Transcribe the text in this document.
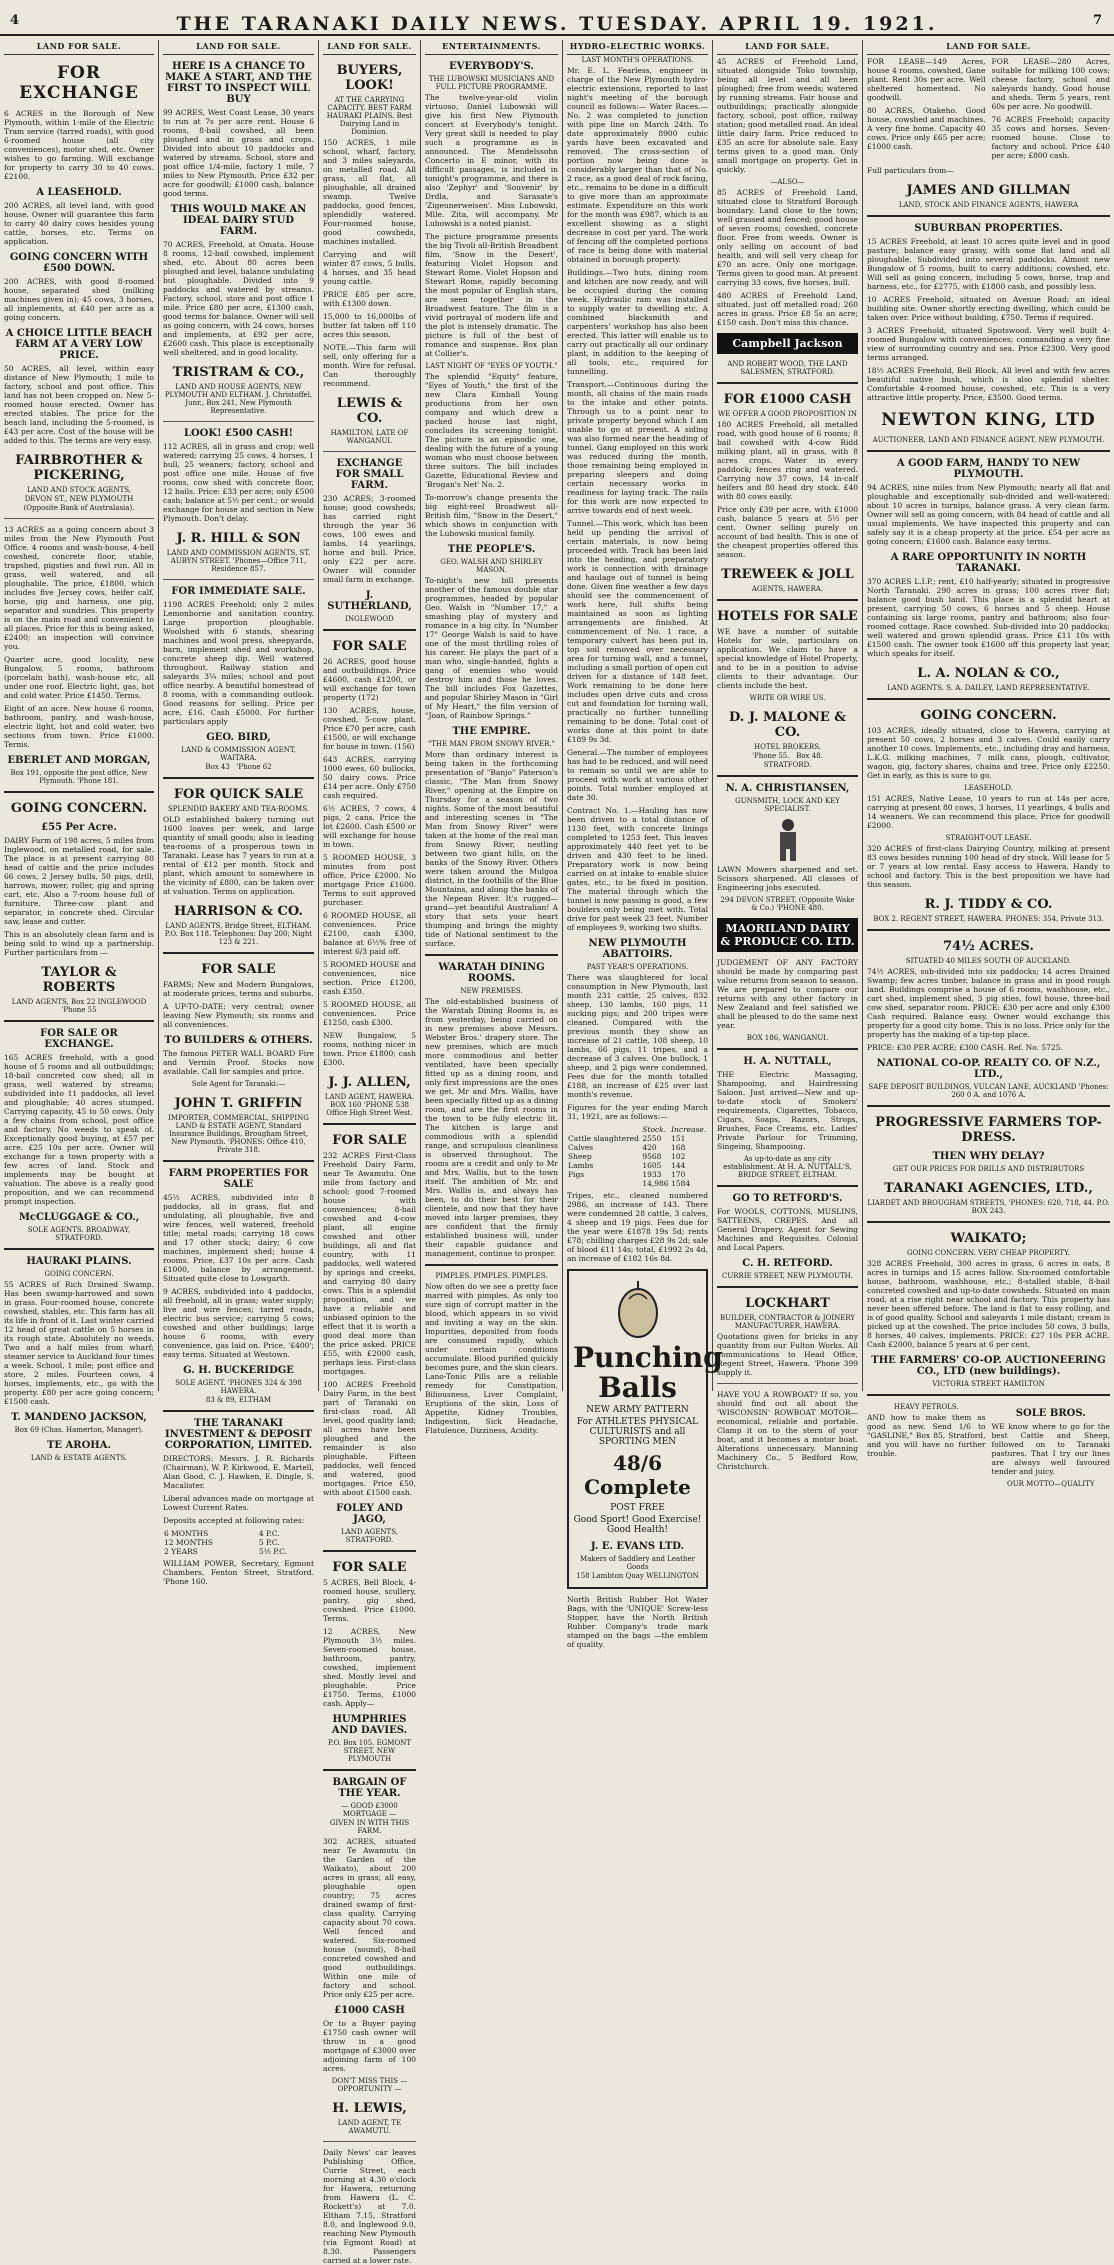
4	THE TARANAKI DAILY NEWS. TUESDAY. APRIL 19. 1921.	7
LAND FOR SALE.
FOR EXCHANGE
6 ACRES in the Borough of New Plymouth, within 1-mile of the Electric Tram service (tarred roads), with good 6-roomed house (all city conveniences), motor shed, etc. Owner wishes to go farming. Will exchange for property to carry 30 to 40 cows. £2100.
A LEASEHOLD.
200 ACRES, all level land, with good house. Owner will guarantee this farm to carry 40 dairy cows besides young cattle, horses, etc. Terms on application.
GOING CONCERN WITH £500 DOWN.
200 ACRES, with good 8-roomed house, separated shed (milking machines given in); 45 cows, 3 horses, all implements, at £40 per acre as a going concern.
A CHOICE LITTLE BEACH FARM AT A VERY LOW PRICE.
50 ACRES, all level, within easy distance of New Plymouth; 1 mile to factory, school and post office. This land has not been cropped on. New 5-roomed house erected. Owner has erected stables. The price for the beach land, including the 5-roomed, is £43 per acre. Cost of the house will be added to this. The terms are very easy.
FAIRBROTHER & PICKERING,
LAND AND STOCK AGENTS,
DEVON ST., NEW PLYMOUTH
(Opposite Bank of Australasia).
13 ACRES as a going concern about 3 miles from the New Plymouth Post Office. 4 rooms and wash-house, 4-bell cowshed, concrete floor, stable, trapshed, pigsties and fowl run. All in grass, well watered, and all ploughable. The price, £1800, which includes five Jersey cows, heifer calf, horse, gig and harness, one pig, separator and sundries. This property is on the main road and convenient to all places. Price for this is being asked, £2400; an inspection will convince you.
Quarter acre, good locality, new Bungalow, 5 rooms, bathroom (porcelain bath), wash-house etc, all under one roof. Electric light, gas, hot and cold water. Price £1450. Terms.
Eight of an acre. New house 6 rooms, bathroom, pantry, and wash-house, electric light, hot and cold water, two sections from town. Price £1000. Terms.
EBERLET AND MORGAN,
Box 191, opposite the post office, New Plymouth. 'Phone 181.
GOING CONCERN.
£55 Per Acre.
DAIRY Farm of 198 acres, 5 miles from Inglewood, on metalled road, for sale. The place is at present carrying 80 head of cattle and the price includes 66 cows, 2 Jersey bulls, 50 pigs, drill, harrows, mower, roller, gig and spring cart, etc. Also a 7-room house full of furniture. Three-cow plant and separator, in concrete shed. Circular saw, lease and cutter.
This is an absolutely clean farm and is being sold to wind up a partnership. Further particulars from —
TAYLOR & ROBERTS
LAND AGENTS, Box 22 INGLEWOOD 'Phone 55
FOR SALE OR EXCHANGE.
165 ACRES freehold, with a good house of 5 rooms and all outbuildings; 18-bail concreted cow shed; all in grass, well watered by streams; subdivided into 11 paddocks, all level and ploughable; 40 acres stumped. Carrying capacity, 45 to 50 cows. Only a few chains from school, post office and factory. No weeds to speak of. Exceptionally good buying, at £57 per acre. £25 10s per acre. Owner will exchange for a town property with a few acres of land. Stock and implements may be bought at valuation. The above is a really good proposition, and we can recommend prompt inspection.
McCLUGGAGE & CO.,
SOLE AGENTS. BROADWAY, STRATFORD.
HAURAKI PLAINS.
GOING CONCERN.
55 ACRES of Rich Drained Swamp. Has been swamp-harrowed and sown in grass. Four-roomed house, concrete cowshed, stables, etc. This farm has all its life in front of it. Last winter carried 12 head of great cattle on 5 horses in its rough state. Absolutely no weeds. Two and a half miles from wharf; steamer service to Auckland four times a week. School, 1 mile; post office and store, 2 miles. Fourteen cows, 4 horses, implements, etc., go with the property. £80 per acre going concern; £1500 cash.
T. MANDENO JACKSON,
Box 69 (Chas. Hamerton, Manager).
TE AROHA.
LAND & ESTATE AGENTS.
LAND FOR SALE.
HERE IS A CHANCE TO MAKE A START, AND THE FIRST TO INSPECT WILL BUY
99 ACRES, West Coast Lease, 30 years to run at 7s per acre rent. House 6 rooms, 8-bail cowshed, all been ploughed and in grass and crops. Divided into about 10 paddocks and watered by streams. School, store and post office 1/4-mile, factory 1 mile, 7 miles to New Plymouth. Price £32 per acre for goodwill; £1000 cash, balance good terms.
THIS WOULD MAKE AN IDEAL DAIRY STUD FARM.
70 ACRES, Freehold, at Omata. House 8 rooms, 12-bail cowshed, implement shed, etc. About 80 acres been ploughed and level, balance undulating but ploughable. Divided into 9 paddocks and watered by streams. Factory, school, store and post office 1 mile. Price £80 per acre, £1300 cash, good terms for balance. Owner will sell as going concern, with 24 cows, horses and implements, at £92 per acre, £2600 cash. This place is exceptionally well sheltered, and in good locality.
TRISTRAM & CO.,
LAND AND HOUSE AGENTS, NEW PLYMOUTH AND ELTHAM. J. Christoffel, Junr., Box 241, New Plymouth Representative.
LOOK! £500 CASH!
112 ACRES, all in grass and crop; well watered; carrying 25 cows, 4 horses, 1 bull, 25 weaners; factory, school and post office one mile. House of five rooms, cow shed with concrete floor, 12 bails. Price: £33 per acre; only £500 cash; balance at 5½ per cent.; or would exchange for house and section in New Plymouth. Don't delay.
J. R. HILL & SON
LAND AND COMMISSION AGENTS, ST. AUBYN STREET. 'Phones—Office 711, Residence 857.
FOR IMMEDIATE SALE.
1198 ACRES Freehold; only 2 miles Lemonborne and sanitation country. Large proportion ploughable. Woolshed with 6 stands, shearing machines and wool press, sheepyards, barn, implement shed and workshop, concrete sheep dip. Well watered throughout. Railway station and saleyards 3¼ miles; school and post office nearby. A beautiful homestead of 8 rooms, with a commanding outlook. Good reasons for selling. Price per acre, £16. Cash £5000. For further particulars apply
GEO. BIRD,
LAND & COMMISSION AGENT, WAITARA.
Box 43 'Phone 62
FOR QUICK SALE
SPLENDID BAKERY AND TEA-ROOMS.
OLD established bakery turning out 1600 loaves per week, and large quantity of small goods; also is leading tea-rooms of a prosperous town in Taranaki. Lease has 7 years to run at a rental of £12 per month. Stock and plant, which amount to somewhere in the vicinity of £800, can be taken over at valuation. Terms on application.
HARRISON & CO.
LAND AGENTS, Bridge Street, ELTHAM. P.O. Box 118. Telephones: Day 200; Night 123 & 221.
FOR SALE
FARMS; New and Modern Bungalows, at moderate prices, terms and suburbs.
A UP-TO-DATE; very central; owner leaving New Plymouth; six rooms and all conveniences.
TO BUILDERS & OTHERS.
The famous PETER WALL BOARD Fire and Vermin Proof. Stocks now available. Call for samples and price.
Sole Agent for Taranaki:—
JOHN T. GRIFFIN
IMPORTER, COMMERCIAL, SHIPPING LAND & ESTATE AGENT, Standard Insurance Buildings, Brougham Street, New Plymouth. 'PHONES: Office 410, Private 318.
FARM PROPERTIES FOR SALE
45½ ACRES, subdivided into 8 paddocks, all in grass, flat and undulating, all ploughable, five and wire fences, well watered, freehold title; metal roads; carrying 18 cows and 17 other stock; dairy; 6 cow machines, implement shed; house 4 rooms. Price, £37 10s per acre. Cash £1000, balance by arrangement. Situated quite close to Lowgarth.
9 ACRES, subdivided into 4 paddocks, all freehold, all in grass; water supply; live and wire fences; tarred roads, electric bus service; carrying 5 cows; cowshed and other buildings; large house 6 rooms, with every convenience, gas laid on. Price, '£400'; easy terms. Situated at Westown.
G. H. BUCKERIDGE
SOLE AGENT. 'PHONES 324 & 398 HAWERA.
83 & 89, ELTHAM
THE TARANAKI INVESTMENT & DEPOSIT CORPORATION, LIMITED.
DIRECTORS: Messrs. J. R. Richards (Chairman), W. P. Kirkwood, E. Martell, Alan Good, C. J. Hawken, E. Dingle, S. Macalister.
Liberal advances made on mortgage at Lowest Current Rates.
Deposits accepted at following rates:
6 MONTHS	4 P.C.
12 MONTHS	5 P.C.
2 YEARS	5½ P.C.
WILLIAM POWER, Secretary, Egmont Chambers, Fenton Street, Stratford. 'Phone 160.
LAND FOR SALE.
BUYERS, LOOK!
AT THE CARRYING CAPACITY. BEST FARM HAURAKI PLAINS. Best Dairying Land in Dominion.
150 ACRES, 1 mile school, wharf, factory, and 3 miles saleyards, on metalled road. All grass, all flat, all ploughable, all drained swamp. Twelve paddocks, good fences, splendidly watered. Four-roomed house, good cowsheds, machines installed.
Carrying and will winter 87 cows, 5 bulls, 4 horses, and 35 head young cattle.
PRICE £85 per acre, with £1300 down.
15,000 to 16,000lbs of butter fat taken off 110 acres this season.
NOTE.—This farm will sell, only offering for a month. Wire for refusal. Can thoroughly recommend.
LEWIS & CO.
HAMILTON. LATE OF WANGANUI.
EXCHANGE FOR SMALL FARM.
230 ACRES; 3-roomed house; good cowsheds; has carried right through the year 36 cows, 100 ewes and lambs, 14 yearlings, horse and bull. Price, only £22 per acre. Owner will consider small farm in exchange.
J. SUTHERLAND,
INGLEWOOD
FOR SALE
26 ACRES, good house and outbuildings. Price £4600, cash £1200, or will exchange for town property (172)
130 ACRES, house, cowshed, 5-cow plant. Price £70 per acre, cash £1500, or will exchange for house in town. (156)
643 ACRES, carrying 1000 ewes, 60 bullocks, 50 dairy cows. Price £14 per acre. Only £750 cash required.
6½ ACRES, 7 cows, 4 pigs, 2 cans. Price the lot £2600. Cash £500 or will exchange for house in town.
5 ROOMED HOUSE, 3 minutes from post office. Price £2000. No mortgage Price £1600. Terms to suit approved purchaser.
6 ROOMED HOUSE, all conveniences. Price £2100, cash £300, balance at 6½% free of interest 6/3 paid off.
5 ROOMED HOUSE and conveniences, nice section. Price £1200, cash £350.
5 ROOMED HOUSE, all conveniences. Price £1250, cash £300.
NEW Bungalow, 5 rooms, nothing nicer in town. Price £1800; cash £300.
J. J. ALLEN,
LAND AGENT, HAWERA. BOX 160 'PHONE 538 Office High Street West.
FOR SALE
232 ACRES First-Class Freehold Dairy Farm, near Te Awamutu. One mile from factory and school; good 7-roomed house with conveniences; 8-bail cowshed and 4-cow plant, all engine cowshed and other buildings, all and flat country, with 11 paddocks, well watered by springs and creeks, and carrying 80 dairy cows. This is a splendid proposition, and we have a reliable and unbiased opinion to the effect that it is worth a good deal more than the price asked. PRICE £55, with £2000 cash, perhaps less. First-class mortgages.
100 ACRES Freehold Dairy Farm, in the best part of Taranaki on first-class road. All level, good quality land; all acres have been ploughed and the remainder is also ploughable. Fifteen paddocks, well fenced and watered, good mortgages. Price £50, with about £1500 cash.
FOLEY AND JAGO,
LAND AGENTS, STRATFORD.
FOR SALE
5 ACRES, Bell Block, 4-roomed house, scullery, pantry, gig shed, cowshed. Price £1000. Terms.
12 ACRES, New Plymouth 3½ miles. Seven-roomed house, bathroom, pantry, cowshed, implement shed. Mostly level and ploughable. Price £1750. Terms, £1000 cash. Apply—
HUMPHRIES AND DAVIES.
P.O. Box 105. EGMONT STREET, NEW PLYMOUTH
BARGAIN OF THE YEAR.
— GOOD £3000 MORTGAGE —
GIVEN IN WITH THIS FARM.
302 ACRES, situated near Te Awamutu (in the Garden of the Waikato), about 200 acres in grass; all easy, ploughable open country; 75 acres drained swamp of first-class quality. Carrying capacity about 70 cows. Well fenced and watered. Six-roomed house (sound), 8-bail concreted cowshed and good outbuildings. Within one mile of factory and school. Price only £25 per acre.
£1000 CASH
Or to a Buyer paying £1750 cash owner will throw in a good mortgage of £3000 over adjoining farm of 100 acres.
DON'T MISS THIS — OPPORTUNITY —
H. LEWIS,
LAND AGENT, TE AWAMUTU.
Daily News' car leaves Publishing Office, Currie Street, each morning at 4.30 o'clock for Hawera, returning from Hawera (L. C. Rockett's) at 7.0. Eltham 7.15, Stratford 8.0, and Inglewood 9.0, reaching New Plymouth (via Egmont Road) at 8.30. Passengers carried at a lower rate.
ENTERTAINMENTS.
EVERYBODY'S.
THE LUBOWSKI MUSICIANS AND FULL PICTURE PROGRAMME.
The twelve-year-old violin virtuoso, Daniel Lubowski will give his first New Plymouth concert at Everybody's tonight. Very great skill is needed to play such a programme as is announced. The Mendelssohn Concerto in E minor, with its difficult passages, is included in tonight's programme, and there is also 'Zephyr' and 'Souvenir' by Drdla, and Sarasate's 'Zigeunerweisen'. Miss Lubowski, Mlle. Zita, will accompany. Mr Lubowski is a noted pianist.
The picture programme presents the big Tivoli all-British Broadbent film, 'Snow in the Desert', featuring Violet Hopson and Stewart Rome. Violet Hopson and Stewart Rome, rapidly becoming the most popular of English stars, are seen together in the Broadwest feature. The film is a vivid portrayal of modern life and the plot is intensely dramatic. The picture is full of the best of romance and suspense. Box plan at Collier's.
LAST NIGHT OF "EYES OF YOUTH."
The splendid "Equity" feature, "Eyes of Youth," the first of the new Clara Kimball Young productions from her own company and which drew a packed house last night, concludes its screening tonight. The picture is an episodic one, dealing with the future of a young woman who must choose between three suitors. The bill includes Gazette, Educational Review and 'Brogan's Net' No. 2.
To-morrow's change presents the big eight-reel Broadwest all-British film, "Snow in the Desert," which shows in conjunction with the Lubowski musical family.
THE PEOPLE'S.
GEO. WALSH AND SHIRLEY MASON.
To-night's new bill presents another of the famous double star programmes, headed by popular Geo. Walsh in "Number 17," a smashing play of mystery and romance in a big city. In "Number 17" George Walsh is said to have one of the most thrilling roles of his career. He plays the part of a man who, single-handed, fights a gang of enemies who would destroy him and those he loves. The bill includes Fox Gazettes, and popular Shirley Mason in "Girl of My Heart," the film version of "Joan, of Rainbow Springs."
THE EMPIRE.
"THE MAN FROM SNOWY RIVER."
More than ordinary interest is being taken in the forthcoming presentation of "Banjo" Paterson's classic, "The Man from Snowy River," opening at the Empire on Thursday for a season of two nights. Some of the most beautiful and interesting scenes in "The Man from Snowy River" were taken at the home of the real man from Snowy River, nestling between two giant hills, on the banks of the Snowy River. Others were taken around the Mulgoa district, in the foothills of the Blue Mountains, and along the banks of the Nepean River. It's rugged—grand—yet beautiful Australian! A story that sets your heart thumping and brings the mighty tide of National sentiment to the surface.
WARATAH DINING ROOMS.
NEW PREMISES.
The old-established business of the Waratah Dining Rooms is, as from yesterday, being carried on in new premises above Messrs. Webster Bros.' drapery store. The new premises, which are much more commodious and better ventilated, have been specially fitted up as a dining room, and only first impressions are the ones we get. Mr and Mrs. Wallis, have been specially fitted up as a dining room, and are the first rooms in the town to be fully electric lit. The kitchen is large and commodious with a splendid range, and scrupulous cleanliness is observed throughout. The rooms are a credit and only to Mr and Mrs. Wallis, but to the town itself. The ambition of Mr. and Mrs. Wallis is, and always has been, to do their best for their clientele, and now that they have moved into larger premises, they are confident that the firmly established business will, under their capable guidance and management, continue to prosper.
PIMPLES. PIMPLES. PIMPLES.
Now often do we see a pretty face marred with pimples. As only too sure sign of corrupt matter in the blood, which appears in so vivid and inviting a way on the skin. Impurities, deposited from foods are consumed rapidly, which under certain conditions accumulate. Blood purified quickly becomes pure, and the skin clears. Lano-Tonic Pills are a reliable remedy for Constipation, Biliousness, Liver Complaint, Eruptions of the skin, Loss of Appetite, Kidney Troubles, Indigestion, Sick Headache, Flatulence, Dizziness, Acidity.
HYDRO-ELECTRIC WORKS.
LAST MONTH'S OPERATIONS.
Mr. E. L. Fearless, engineer in charge of the New Plymouth hydro-electric extensions, reported to last night's meeting of the borough council as follows:— Water Races.—No. 2 was completed to junction with pipe line on March 24th. To date approximately 8900 cubic yards have been excavated and removed. The cross-section of portion now being done is considerably larger than that of No. 2 race, as a good deal of rock facing, etc., remains to be done in a difficult to give more than an approximate estimate. Expenditure on this work for the month was £987, which is an excellent showing as a slight decrease in cost per yard. The work of fencing off the completed portions of race is being done with material obtained in borough property.
Buildings.—Two huts, dining room and kitchen are now ready, and will be occupied during the coming week. Hydraulic ram was installed to supply water to dwelling etc. A combined blacksmith and carpenters' workshop has also been erected. This latter will enable us to carry out practically all our ordinary plant, in addition to the keeping of all tools, etc., required for tunnelling.
Transport.—Continuous during the month, all chains of the main roads to the intake and other points. Through us to a point near to private property beyond which I am unable to go at present. A siding was also formed near the heading of tunnel. Gang employed on this work was reduced during the month, those remaining being employed in preparing sleepers and doing certain necessary works in readiness for laying track. The rails for this work are now expected to arrive towards end of next week.
Tunnel.—This work, which has been held up pending the arrival of certain materials, is now being proceeded with. Track has been laid into the heading, and preparatory work is connection with drainage and haulage out of tunnel is being done. Given fine weather a few days should see the commencement of work here, full shifts being maintained as soon as lighting arrangements are finished. At commencement of No. 1 race, a temporary culvert has been put in, top soil removed over necessary area for turning wall, and a tunnel, including a small portion of open cut driven for a distance of 148 feet. Work remaining to be done here includes open drive cuts and cross cut and foundation for turning wall, practically no further tunnelling remaining to be done. Total cost of works done at this point to date £189 9s 3d.
General.—The number of employees has had to be reduced, and will need to remain so until we are able to proceed with work at various other points. Total number employed at date 30.
Contract No. 1.—Hauling has now been driven to a total distance of 1130 feet, with concrete linings completed to 1253 feet. This leaves approximately 440 feet yet to be driven and 430 feet to be lined. Preparatory work is now being carried on at intake to enable sluice gates, etc., to be fixed in position. The material through which the tunnel is now passing is good, a few boulders only being met with. Total drive for past week 23 feet. Number of employees 9, working two shifts.
NEW PLYMOUTH ABATTOIRS.
PAST YEAR'S OPERATIONS.
There was slaughtered for local consumption in New Plymouth, last month 231 cattle, 25 calves, 832 sheep, 130 lambs, 160 pigs, 11 sucking pigs; and 200 tripes were cleaned. Compared with the previous month they show an increase of 21 cattle, 108 sheep, 10 lambs, 66 pigs, 11 tripes, and a decrease of 3 calves. One bullock, 1 sheep, and 2 pigs were condemned. Fees due for the month totalled £188, an increase of £25 over last month's revenue.
Figures for the year ending March 31, 1921, are as follows:—
	Stock.	Increase.
Cattle slaughtered	2550	151
Calves	420	168
Sheep	9568	102
Lambs	1605	144
Pigs	1933	170
	14,986	1584
Tripes, etc., cleaned numbered 2986, an increase of 143. There were condemned 28 cattle, 3 calves, 4 sheep and 19 pigs. Fees due for the year were £1878 19s 5d; rents £78; chilling charges £28 9s 2d; sale of blood £11 14s; total, £1992 2s 4d, an increase of £182 16s 8d.
Punching Balls
NEW ARMY PATTERN
For ATHLETES PHYSICAL CULTURISTS and all SPORTING MEN
48/6 Complete
POST FREE
Good Sport! Good Exercise! Good Health!
J. E. EVANS LTD.
Makers of Saddlery and Leather Goods
158 Lambton Quay WELLINGTON
North British Rubber Hot Water Bags, with the 'UNIQUE' Screw-less Stopper, have the North British Rubber Company's trade mark stamped on the bags —the emblem of quality.
LAND FOR SALE.
45 ACRES of Freehold Land, situated alongside Toko township, being all level and all been ploughed; free from weeds; watered by running streams. Fair house and outbuildings; practically alongside factory, school, post office, railway station; good metalled road. An ideal little dairy farm. Price reduced to £35 an acre for absolute sale. Easy terms given to a good man. Only small mortgage on property. Get in quickly.
—ALSO—
85 ACRES of Freehold Land, situated close to Stratford Borough boundary. Land close to the town; well grassed and fenced; good house of seven rooms; cowshed, concrete floor. Free from weeds. Owner is only selling on account of bad health, and will sell very cheap for £70 an acre. Only one mortgage. Terms given to good man. At present carrying 33 cows, five horses, bull.
480 ACRES of Freehold Land, situated, just off metalled road; 260 acres in grass. Price £8 5s an acre; £150 cash. Don't miss this chance.
Campbell Jackson
AND ROBERT WOOD, THE LAND SALESMEN, STRATFORD.
FOR £1000 CASH
WE OFFER A GOOD PROPOSITION IN
180 ACRES Freehold, all metalled road, with good house of 6 rooms; 8 bail cowshed with 4-cow Ridd milking plant, all in grass, with 8 acres crops. Water in every paddock; fences ring and watered. Carrying now 37 cows, 14 in-calf heifers and 80 head dry stock. £40 with 80 cows easily.
Price only £39 per acre, with £1000 cash, balance 5 years at 5½ per cent. Owner selling purely on account of bad health. This is one of the cheapest properties offered this season.
TREWEEK & JOLL
AGENTS, HAWERA.
HOTELS FOR SALE
WE have a number of suitable Hotels for sale, particulars on application. We claim to have a special knowledge of Hotel Property, and to be in a position to advise clients to their advantage. Our clients include the best.
WRITE OR WIRE US.
D. J. MALONE & CO.
HOTEL BROKERS.
'Phone 55. Box 48.
STRATFORD.
N. A. CHRISTIANSEN,
GUNSMITH, LOCK AND KEY SPECIALIST.
LAWN Mowers sharpened and set. Scissors sharpened. All classes of Engineering jobs executed.
294 DEVON STREET, (Opposite Wake & Co.) 'PHONE 480.
MAORILAND DAIRY & PRODUCE CO. LTD.
JUDGEMENT OF ANY FACTORY should be made by comparing past value returns from season to season. We are prepared to compare our returns with any other factory in New Zealand and feel satisfied we shall be pleased to do the same next year.
BOX 186, WANGANUI.
H. A. NUTTALL,
THE Electric Massaging, Shampooing, and Hairdressing Saloon. Just arrived—New and up-to-date stock of Smokers' requirements, Cigarettes, Tobacco, Cigars, Soaps, Razors, Strops, Brushes, Face Creams, etc. Ladies' Private Parlour for Trimming, Singeing, Shampooing.
As up-to-date as any city establishment. At H. A. NUTTALL'S, BRIDGE STREET, ELTHAM.
GO TO RETFORD'S.
For WOOLS, COTTONS, MUSLINS, SATTEENS, CREPES. And all General Drapery. Agent for Sewing Machines and Requisites. Colonial and Local Papers.
C. H. RETFORD.
CURRIE STREET, NEW PLYMOUTH.
LOCKHART
BUILDER, CONTRACTOR & JOINERY MANUFACTURER, HAWERA.
Quotations given for bricks in any quantity from our Fulton Works. All communications to Head Office, Regent Street, Hawera. 'Phone 399 supply it.
HAVE YOU A ROWBOAT? If so, you should find out all about the 'WISCONSIN' ROWBOAT MOTOR—economical, reliable and portable. Clamp it on to the stern of your boat, and it becomes a motor boat. Alterations unnecessary. Manning Machinery Co., 5 Bedford Row, Christchurch.
LAND FOR SALE.
FOR LEASE—149 Acres, house 4 rooms, cowshed, Gane plant. Rent 30s per acre. Well sheltered homestead. No goodwill.
80 ACRES, Otakeho. Good house, cowshed and machines. A very fine home. Capacity 40 cows. Price only £65 per acre; £1000 cash.
FOR LEASE—280 Acres, suitable for milking 100 cows; cheese factory, school and saleyards handy. Good house and sheds. Term 5 years, rent 60s per acre. No goodwill.
76 ACRES Freehold; capacity 35 cows and horses. Seven-roomed house. Close to factory and school. Price £40 per acre; £800 cash.
Full particulars from—
JAMES AND GILLMAN
LAND, STOCK AND FINANCE AGENTS, HAWERA
SUBURBAN PROPERTIES.
15 ACRES Freehold, at least 10 acres quite level and in good pasture; balance easy grassy, with some flat land and all ploughable. Subdivided into several paddocks. Almost new Bungalow of 5 rooms, built to carry additions; cowshed, etc. Will sell as going concern, including 5 cows, horse, trap and harness, etc., for £2775, with £1800 cash, and possibly less.
10 ACRES Freehold, situated on Avenue Road; an ideal building site. Owner shortly erecting dwelling, which could be taken over. Price without building, £750. Terms if required.
3 ACRES Freehold, situated Spotswood. Very well built 4-roomed Bungalow with conveniences; commanding a very fine view of surrounding country and sea. Price £2300. Very good terms arranged.
18½ ACRES Freehold, Bell Block. All level and with few acres beautiful native bush, which is also splendid shelter. Comfortable 4-roomed house, cowshed, etc. This is a very attractive little property. Price, £3500. Good terms.
NEWTON KING, LTD
AUCTIONEER, LAND AND FINANCE AGENT, NEW PLYMOUTH.
A GOOD FARM, HANDY TO NEW PLYMOUTH.
94 ACRES, nine miles from New Plymouth; nearly all flat and ploughable and exceptionally sub-divided and well-watered; about 10 acres in turnips, balance grass. A very clean farm. Owner will sell as going concern, with 84 head of cattle and all usual implements. We have inspected this property and can safely say it is a cheap property at the price. £54 per acre as going concern; £1600 cash. Balance easy terms.
A RARE OPPORTUNITY IN NORTH TARANAKI.
370 ACRES L.I.P.; rent, £10 half-yearly; situated in progressive North Taranaki. 290 acres in grass; 100 acres river flat; balance good bush land. This place is a splendid heart at present, carrying 50 cows, 6 horses and 5 sheep. House containing six large rooms, pantry and bathroom; also four-roomed cottage. Race cowshed. Sub-divided into 20 paddocks; well watered and grown splendid grass. Price £11 10s with £1500 cash. The owner took £1600 off this property last year, which speaks for itself.
L. A. NOLAN & CO.,
LAND AGENTS. S. A. DAILEY, LAND REPRESENTATIVE.
GOING CONCERN.
103 ACRES, ideally situated, close to Hawera, carrying at present 50 cows, 2 horses and 3 calves. Could easily carry another 10 cows. Implements, etc., including dray and harness, L.K.G. milking machines, 7 milk cans, plough, cultivator, wagon, gig, factory shares, chains and tree. Price only £2250. Get in early, as this is sure to go.
LEASEHOLD.
151 ACRES, Native Lease, 10 years to run at 14s per acre, carrying at present 80 cows, 3 horses, 11 yearlings, 4 bulls and 14 weaners. We can recommend this place. Price for goodwill £2000.
STRAIGHT-OUT LEASE.
320 ACRES of first-class Dairying Country, milking at present 83 cows besides running 100 head of dry stock. Will lease for 5 or 7 years at low rental. Easy access to Hawera. Handy to school and factory. This is the best proposition we have had this season.
R. J. TIDDY & CO.
BOX 2. REGENT STREET, HAWERA. PHONES: 354, Private 313.
74½ ACRES.
SITUATED 40 MILES SOUTH OF AUCKLAND.
74½ ACRES, sub-divided into six paddocks; 14 acres Drained Swamp; few acres timber, balance in grass and in good rough land. Buildings comprise a house of 6 rooms, washhouse, etc., cart shed, implement shed, 3 pig sties, fowl house, three-bail cow shed, separator room. PRICE: £30 per acre and only £300 Cash required. Balance easy. Owner would exchange this property for a good city home. This is no loss. Price only for the property has the making of a tip-top place.
PRICE: £30 PER ACRE; £300 CASH. Ref. No. 5725.
NATIONAL CO-OP. REALTY CO. OF N.Z., LTD.,
SAFE DEPOSIT BUILDINGS, VULCAN LANE, AUCKLAND 'Phones: 260 0 A. and 1076 A.
PROGRESSIVE FARMERS TOP-DRESS.
THEN WHY DELAY?
GET OUR PRICES FOR DRILLS AND DISTRIBUTORS
TARANAKI AGENCIES, LTD.,
LIARDET AND BROUGHAM STREETS, 'PHONES: 620, 718, 44. P.O. BOX 243.
WAIKATO;
GOING CONCERN. VERY CHEAP PROPERTY.
328 ACRES Freehold, 300 acres in grass, 6 acres in oats, 8 acres in turnips and 15 acres fallow. Six-roomed comfortable house, bathroom, washhouse, etc.; 8-stalled stable, 8-bail concreted cowshed and up-to-date cowsheds. Situated on main road, at a rise right near school and factory. This property has never been offered before. The land is flat to easy rolling, and is of good quality. School and saleyards 1 mile distant; cream is picked up at the cowshed. The price includes 50 cows, 3 bulls, 8 horses, 40 calves, implements. PRICE: £27 10s PER ACRE. Cash £2000, balance 5 years at 6 per cent.
THE FARMERS' CO-OP. AUCTIONEERING CO., LTD (new buildings).
VICTORIA STREET HAMILTON
HEAVY PETROLS.
AND how to make them as good as new. Send 1/6 to "GASLINE," Box 85, Stratford, and you will have no further trouble.
SOLE BROS.
WE know where to go for the best Cattle and Sheep, followed on to Taranaki pastures. That I try our lines are always well favoured tender and juicy.
OUR MOTTO—QUALITY
